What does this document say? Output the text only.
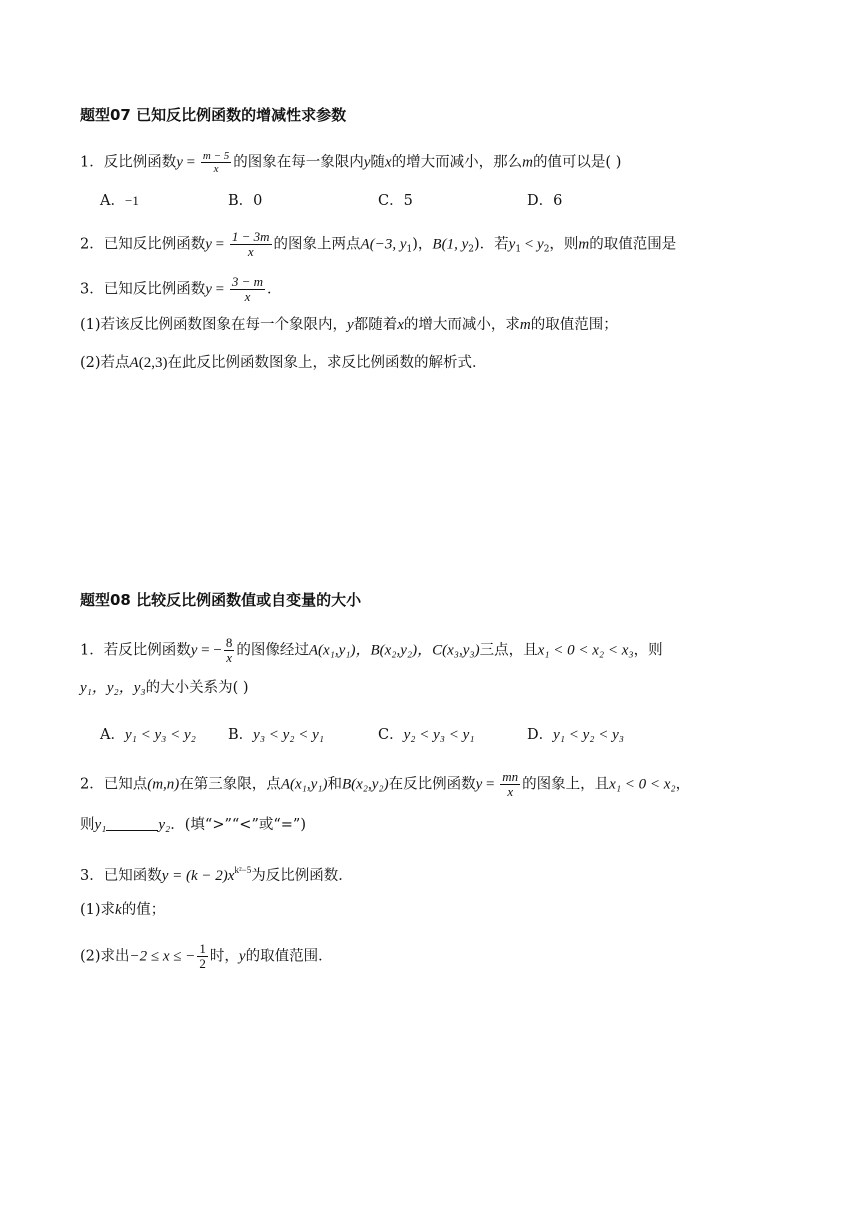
题型07 已知反比例函数的增减性求参数
1．反比例函数$y = \frac{m - 5}{x}$ 的图象在每一象限内y随x的增大而减小，那么m的值可以是( )
A．−1	B．0	C．5	D．6
2．已知反比例函数$y = \frac{1 - 3m}{x}$ 的图象上两点A(−3, $y_1$)，B(1, $y_2$)．若$y_1 < y_2$，则m的取值范围是
3．已知反比例函数$y = \frac{3 - m}{x}$ ．
(1)若该反比例函数图象在每一个象限内，y都随着x的增大而减小，求m的取值范围；
(2)若点A(2,3)在此反比例函数图象上，求反比例函数的解析式．
题型08 比较反比例函数值或自变量的大小
1．若反比例函数y = − $\frac{8}{x}$ 的图像经过A(x₁,y₁)，B(x₂,y₂)，C(x₃,y₃)三点，且x₁ < 0 < x₂ < x₃，则
y₁，y₂，y₃的大小关系为( )
A．y₁ < y₃ < y₂ B．y₃ < y₂ < y₁	C．y₂ < y₃ < y₁	D．y₁ < y₂ < y₃
2．已知点(m,n)在第三象限，点A(x₁,y₁)和B(x₂,y₂)在反比例函数$y = \frac{mn}{x}$ 的图象上，且x₁ < 0 < x₂，
则y₁	y₂．(填“>”“<”或“=”)
3．已知函数$y = (k - 2)x^{k^2-5}$为反比例函数．
(1)求k的值；
(2)求出−2 ≤ x ≤ − $\frac{1}{2}$ 时，y的取值范围．
